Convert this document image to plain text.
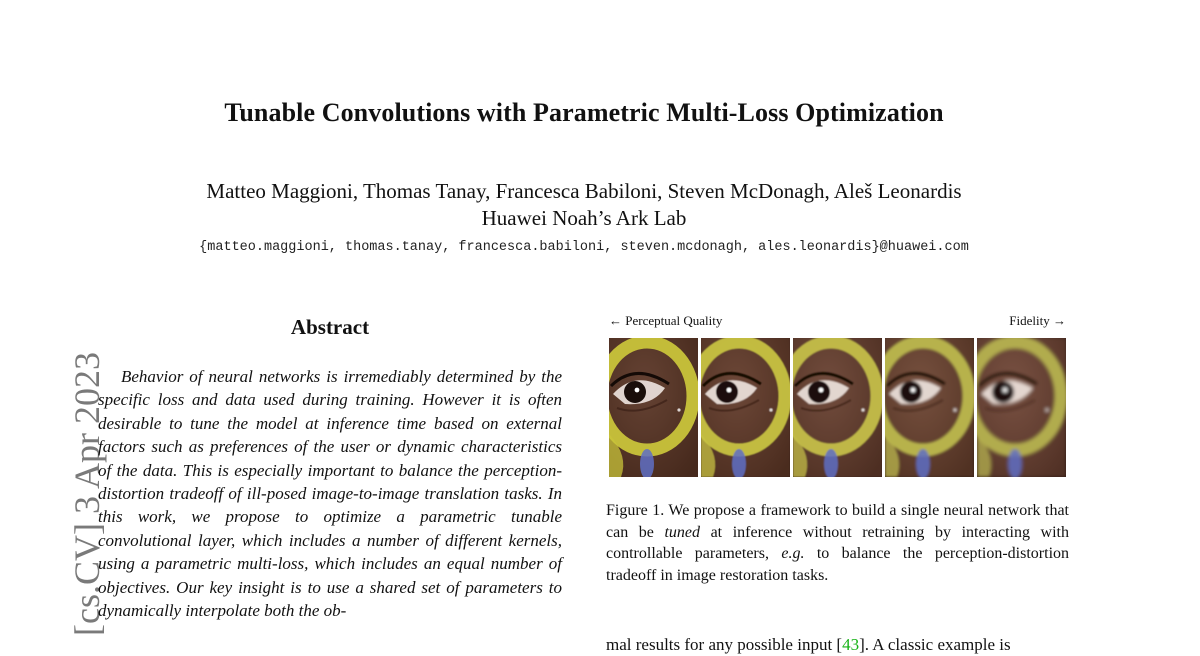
Tunable Convolutions with Parametric Multi-Loss Optimization
Matteo Maggioni, Thomas Tanay, Francesca Babiloni, Steven McDonagh, Aleš Leonardis
Huawei Noah’s Ark Lab
{matteo.maggioni, thomas.tanay, francesca.babiloni, steven.mcdonagh, ales.leonardis}@huawei.com
[cs.CV] 3 Apr 2023
Abstract

Behavior of neural networks is irremediably determined by the specific loss and data used during training. However it is often desirable to tune the model at inference time based on external factors such as preferences of the user or dynamic characteristics of the data. This is especially important to balance the perception-distortion tradeoff of ill-posed image-to-image translation tasks. In this work, we propose to optimize a parametric tunable convolutional layer, which includes a number of different kernels, using a parametric multi-loss, which includes an equal number of objectives. Our key insight is to use a shared set of parameters to dynamically interpolate both the ob-

← Perceptual Quality	Fidelity →
Figure 1. We propose a framework to build a single neural network that can be tuned at inference without retraining by interacting with controllable parameters, e.g. to balance the perception-distortion tradeoff in image restoration tasks.
mal results for any possible input [43]. A classic example is
